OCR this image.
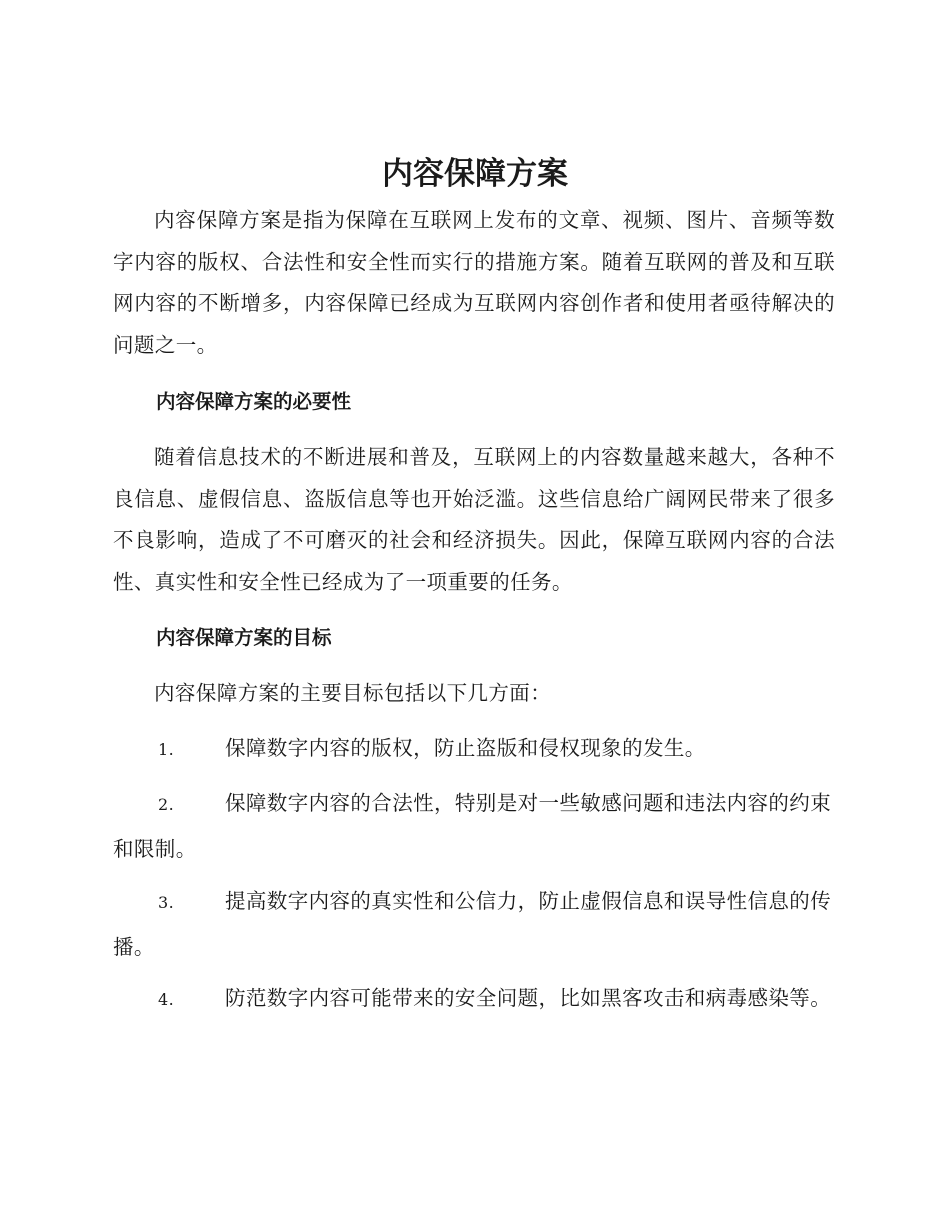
内容保障方案

内容保障方案是指为保障在互联网上发布的文章、视频、图片、音频等数字内容的版权、合法性和安全性而实行的措施方案。随着互联网的普及和互联网内容的不断增多，内容保障已经成为互联网内容创作者和使用者亟待解决的问题之一。

内容保障方案的必要性

随着信息技术的不断进展和普及，互联网上的内容数量越来越大，各种不良信息、虚假信息、盗版信息等也开始泛滥。这些信息给广阔网民带来了很多不良影响，造成了不可磨灭的社会和经济损失。因此，保障互联网内容的合法性、真实性和安全性已经成为了一项重要的任务。

内容保障方案的目标

内容保障方案的主要目标包括以下几方面：

1. 保障数字内容的版权，防止盗版和侵权现象的发生。
2. 保障数字内容的合法性，特别是对一些敏感问题和违法内容的约束和限制。
3. 提高数字内容的真实性和公信力，防止虚假信息和误导性信息的传播。
4. 防范数字内容可能带来的安全问题，比如黑客攻击和病毒感染等。
